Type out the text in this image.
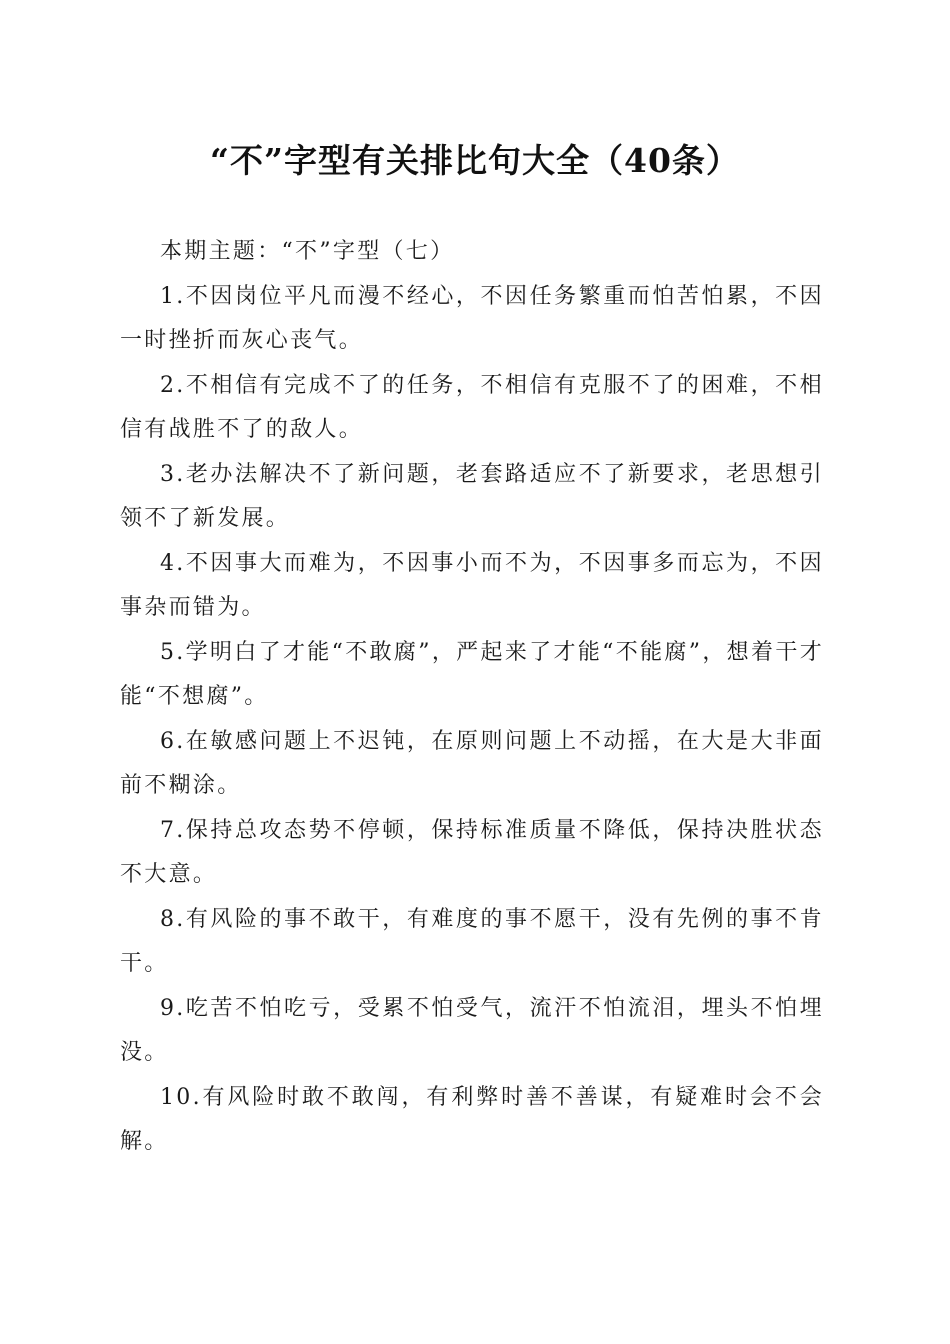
“不”字型有关排比句大全（40条）

本期主题：“不”字型（七）

1.不因岗位平凡而漫不经心，不因任务繁重而怕苦怕累，不因一时挫折而灰心丧气。

2.不相信有完成不了的任务，不相信有克服不了的困难，不相信有战胜不了的敌人。

3.老办法解决不了新问题，老套路适应不了新要求，老思想引领不了新发展。

4.不因事大而难为，不因事小而不为，不因事多而忘为，不因事杂而错为。

5.学明白了才能“不敢腐”，严起来了才能“不能腐”，想着干才能“不想腐”。

6.在敏感问题上不迟钝，在原则问题上不动摇，在大是大非面前不糊涂。

7.保持总攻态势不停顿，保持标准质量不降低，保持决胜状态不大意。

8.有风险的事不敢干，有难度的事不愿干，没有先例的事不肯干。

9.吃苦不怕吃亏，受累不怕受气，流汗不怕流泪，埋头不怕埋没。

10.有风险时敢不敢闯，有利弊时善不善谋，有疑难时会不会解。
